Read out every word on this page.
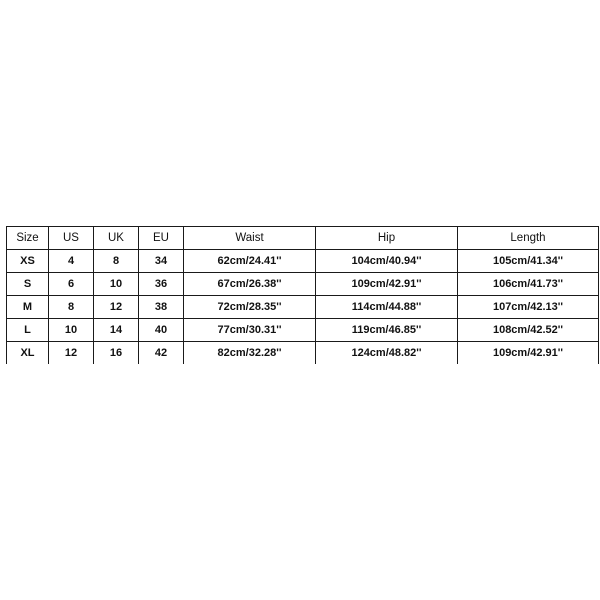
Size	US	UK	EU	Waist	Hip	Length
XS	4	8	34	62cm/24.41''	104cm/40.94''	105cm/41.34''
S	6	10	36	67cm/26.38''	109cm/42.91''	106cm/41.73''
M	8	12	38	72cm/28.35''	114cm/44.88''	107cm/42.13''
L	10	14	40	77cm/30.31''	119cm/46.85''	108cm/42.52''
XL	12	16	42	82cm/32.28''	124cm/48.82''	109cm/42.91''
